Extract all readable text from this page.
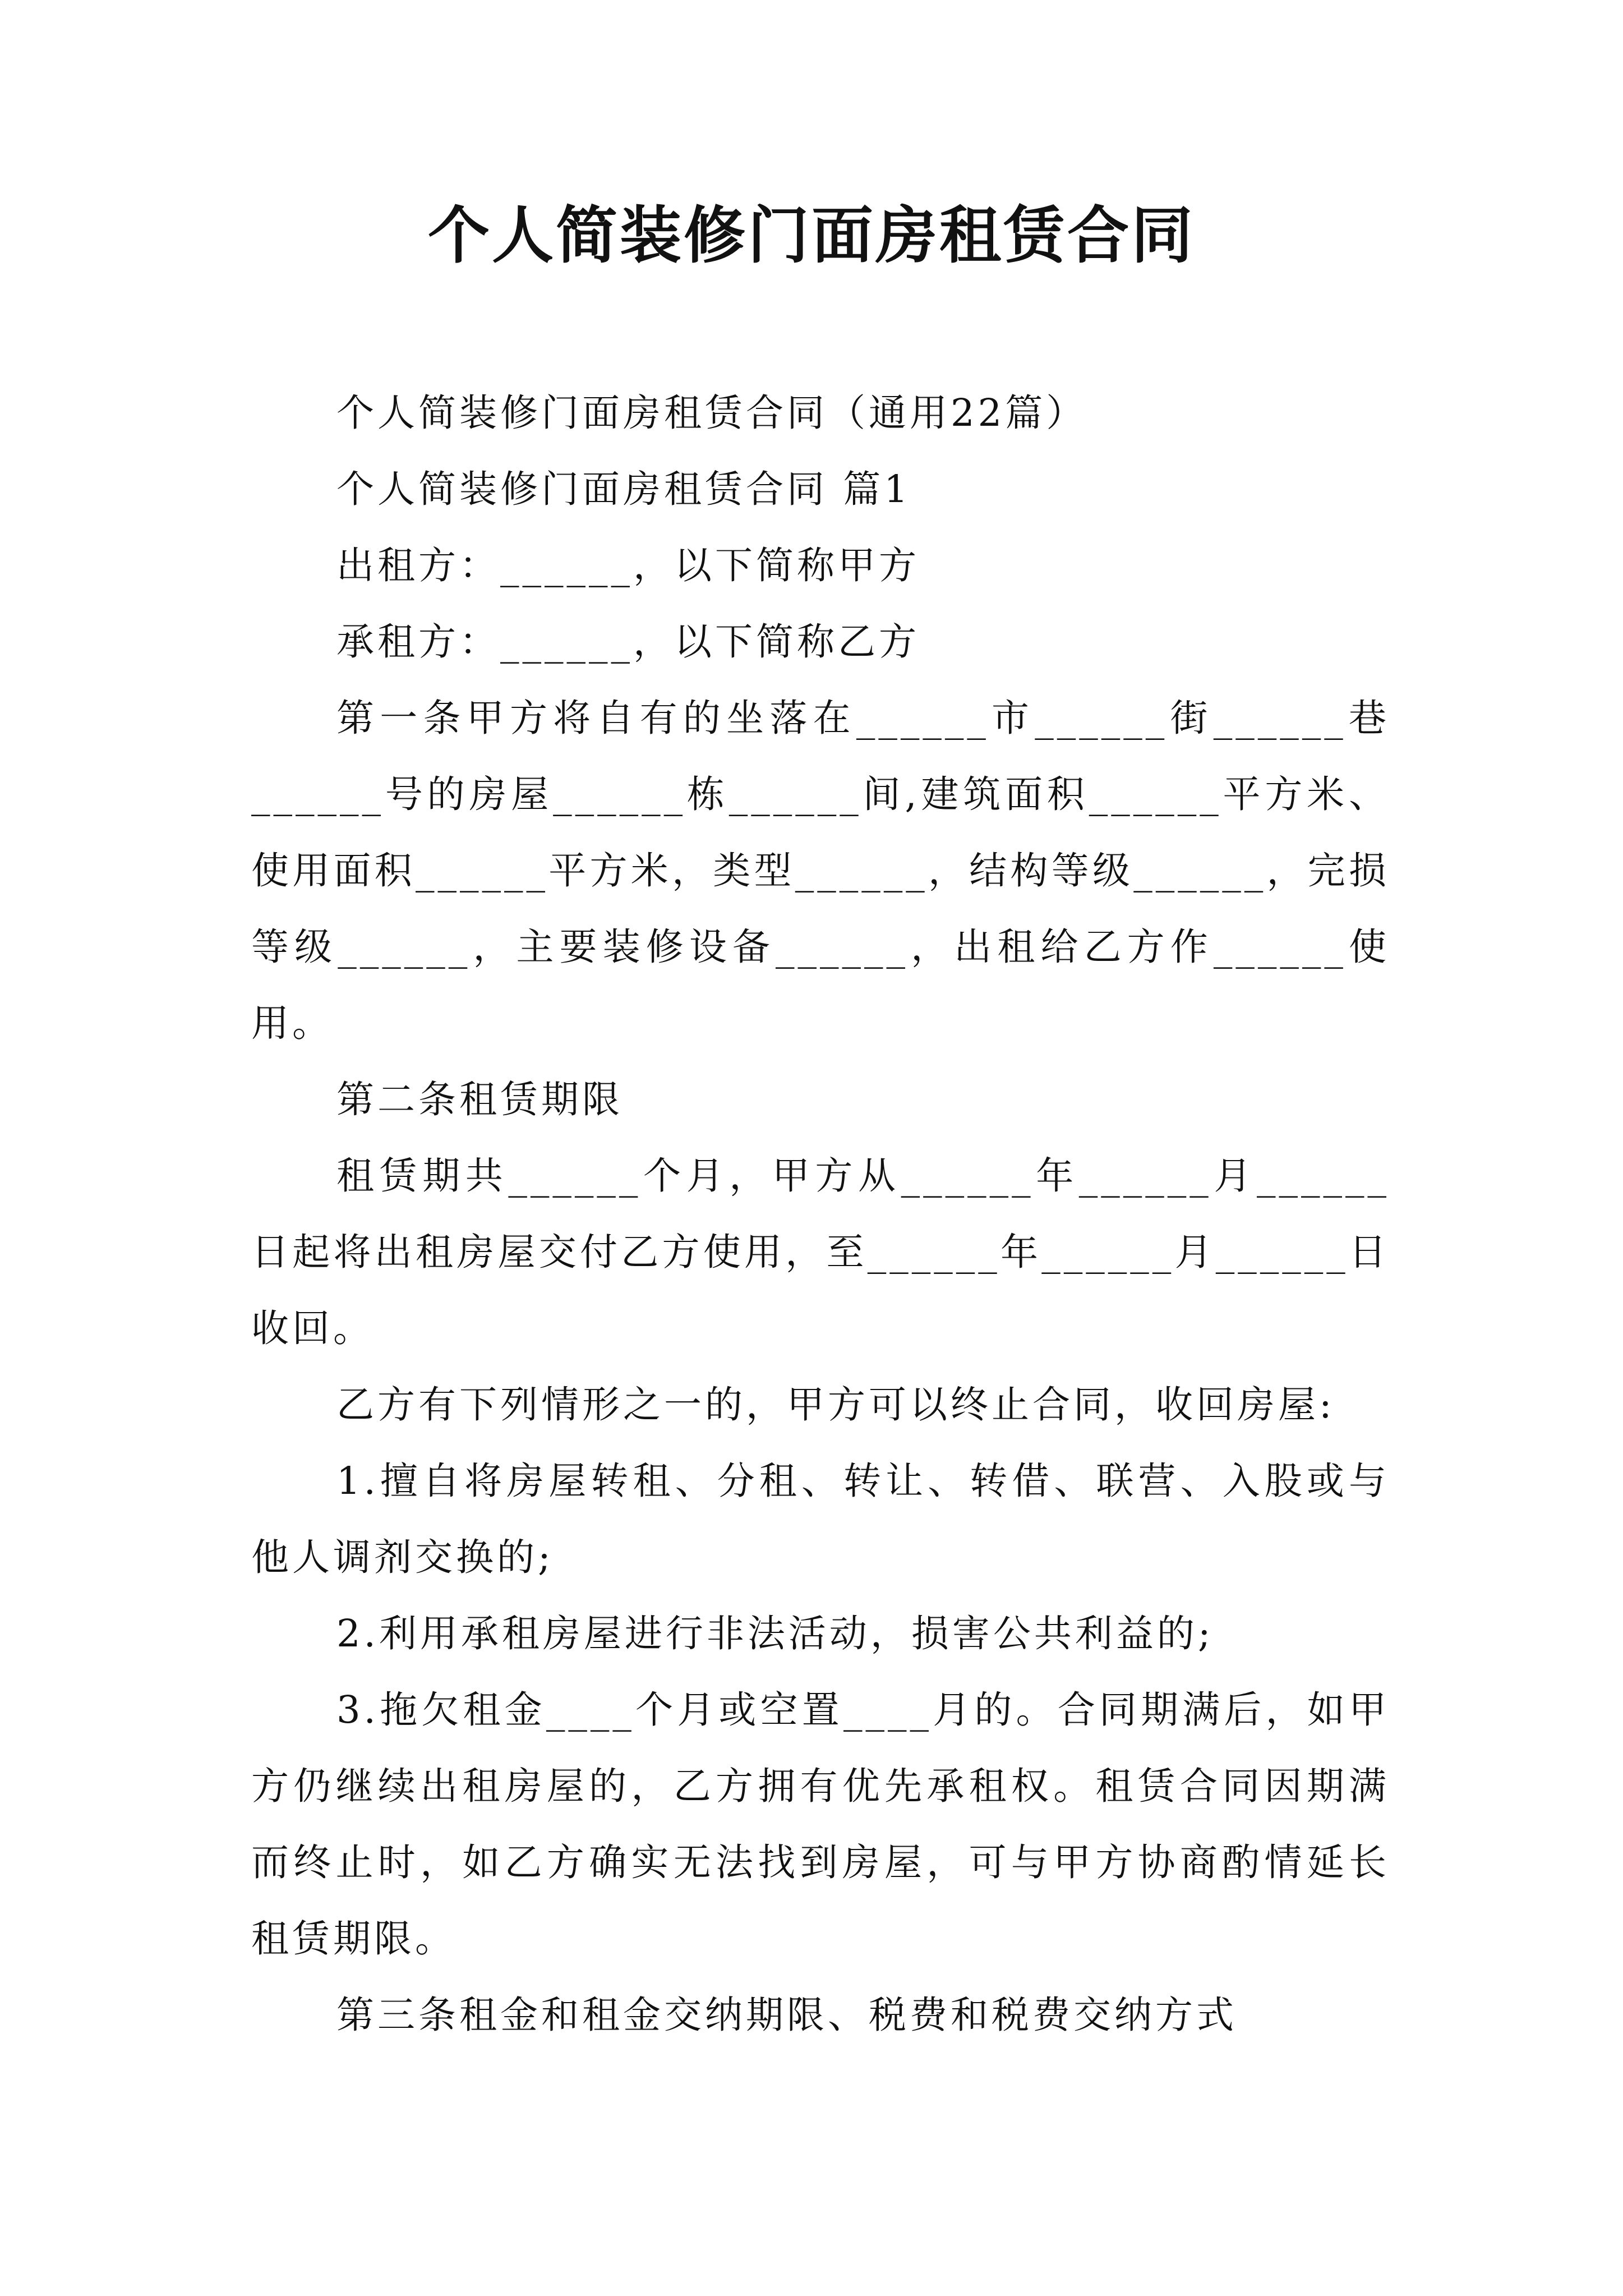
个人简装修门面房租赁合同

个人简装修门面房租赁合同（通用22篇）

个人简装修门面房租赁合同 篇1

出租方：______，以下简称甲方

承租方：______，以下简称乙方

第一条甲方将自有的坐落在______市______街______巷______号的房屋______栋______间,建筑面积______平方米、使用面积______平方米，类型______，结构等级______，完损等级______，主要装修设备______，出租给乙方作______使用。

第二条租赁期限

租赁期共______个月，甲方从______年______月______日起将出租房屋交付乙方使用，至______年______月______日收回。

乙方有下列情形之一的，甲方可以终止合同，收回房屋:

1.擅自将房屋转租、分租、转让、转借、联营、入股或与他人调剂交换的;

2.利用承租房屋进行非法活动，损害公共利益的;

3.拖欠租金____个月或空置____月的。合同期满后，如甲方仍继续出租房屋的，乙方拥有优先承租权。租赁合同因期满而终止时，如乙方确实无法找到房屋，可与甲方协商酌情延长租赁期限。

第三条租金和租金交纳期限、税费和税费交纳方式
